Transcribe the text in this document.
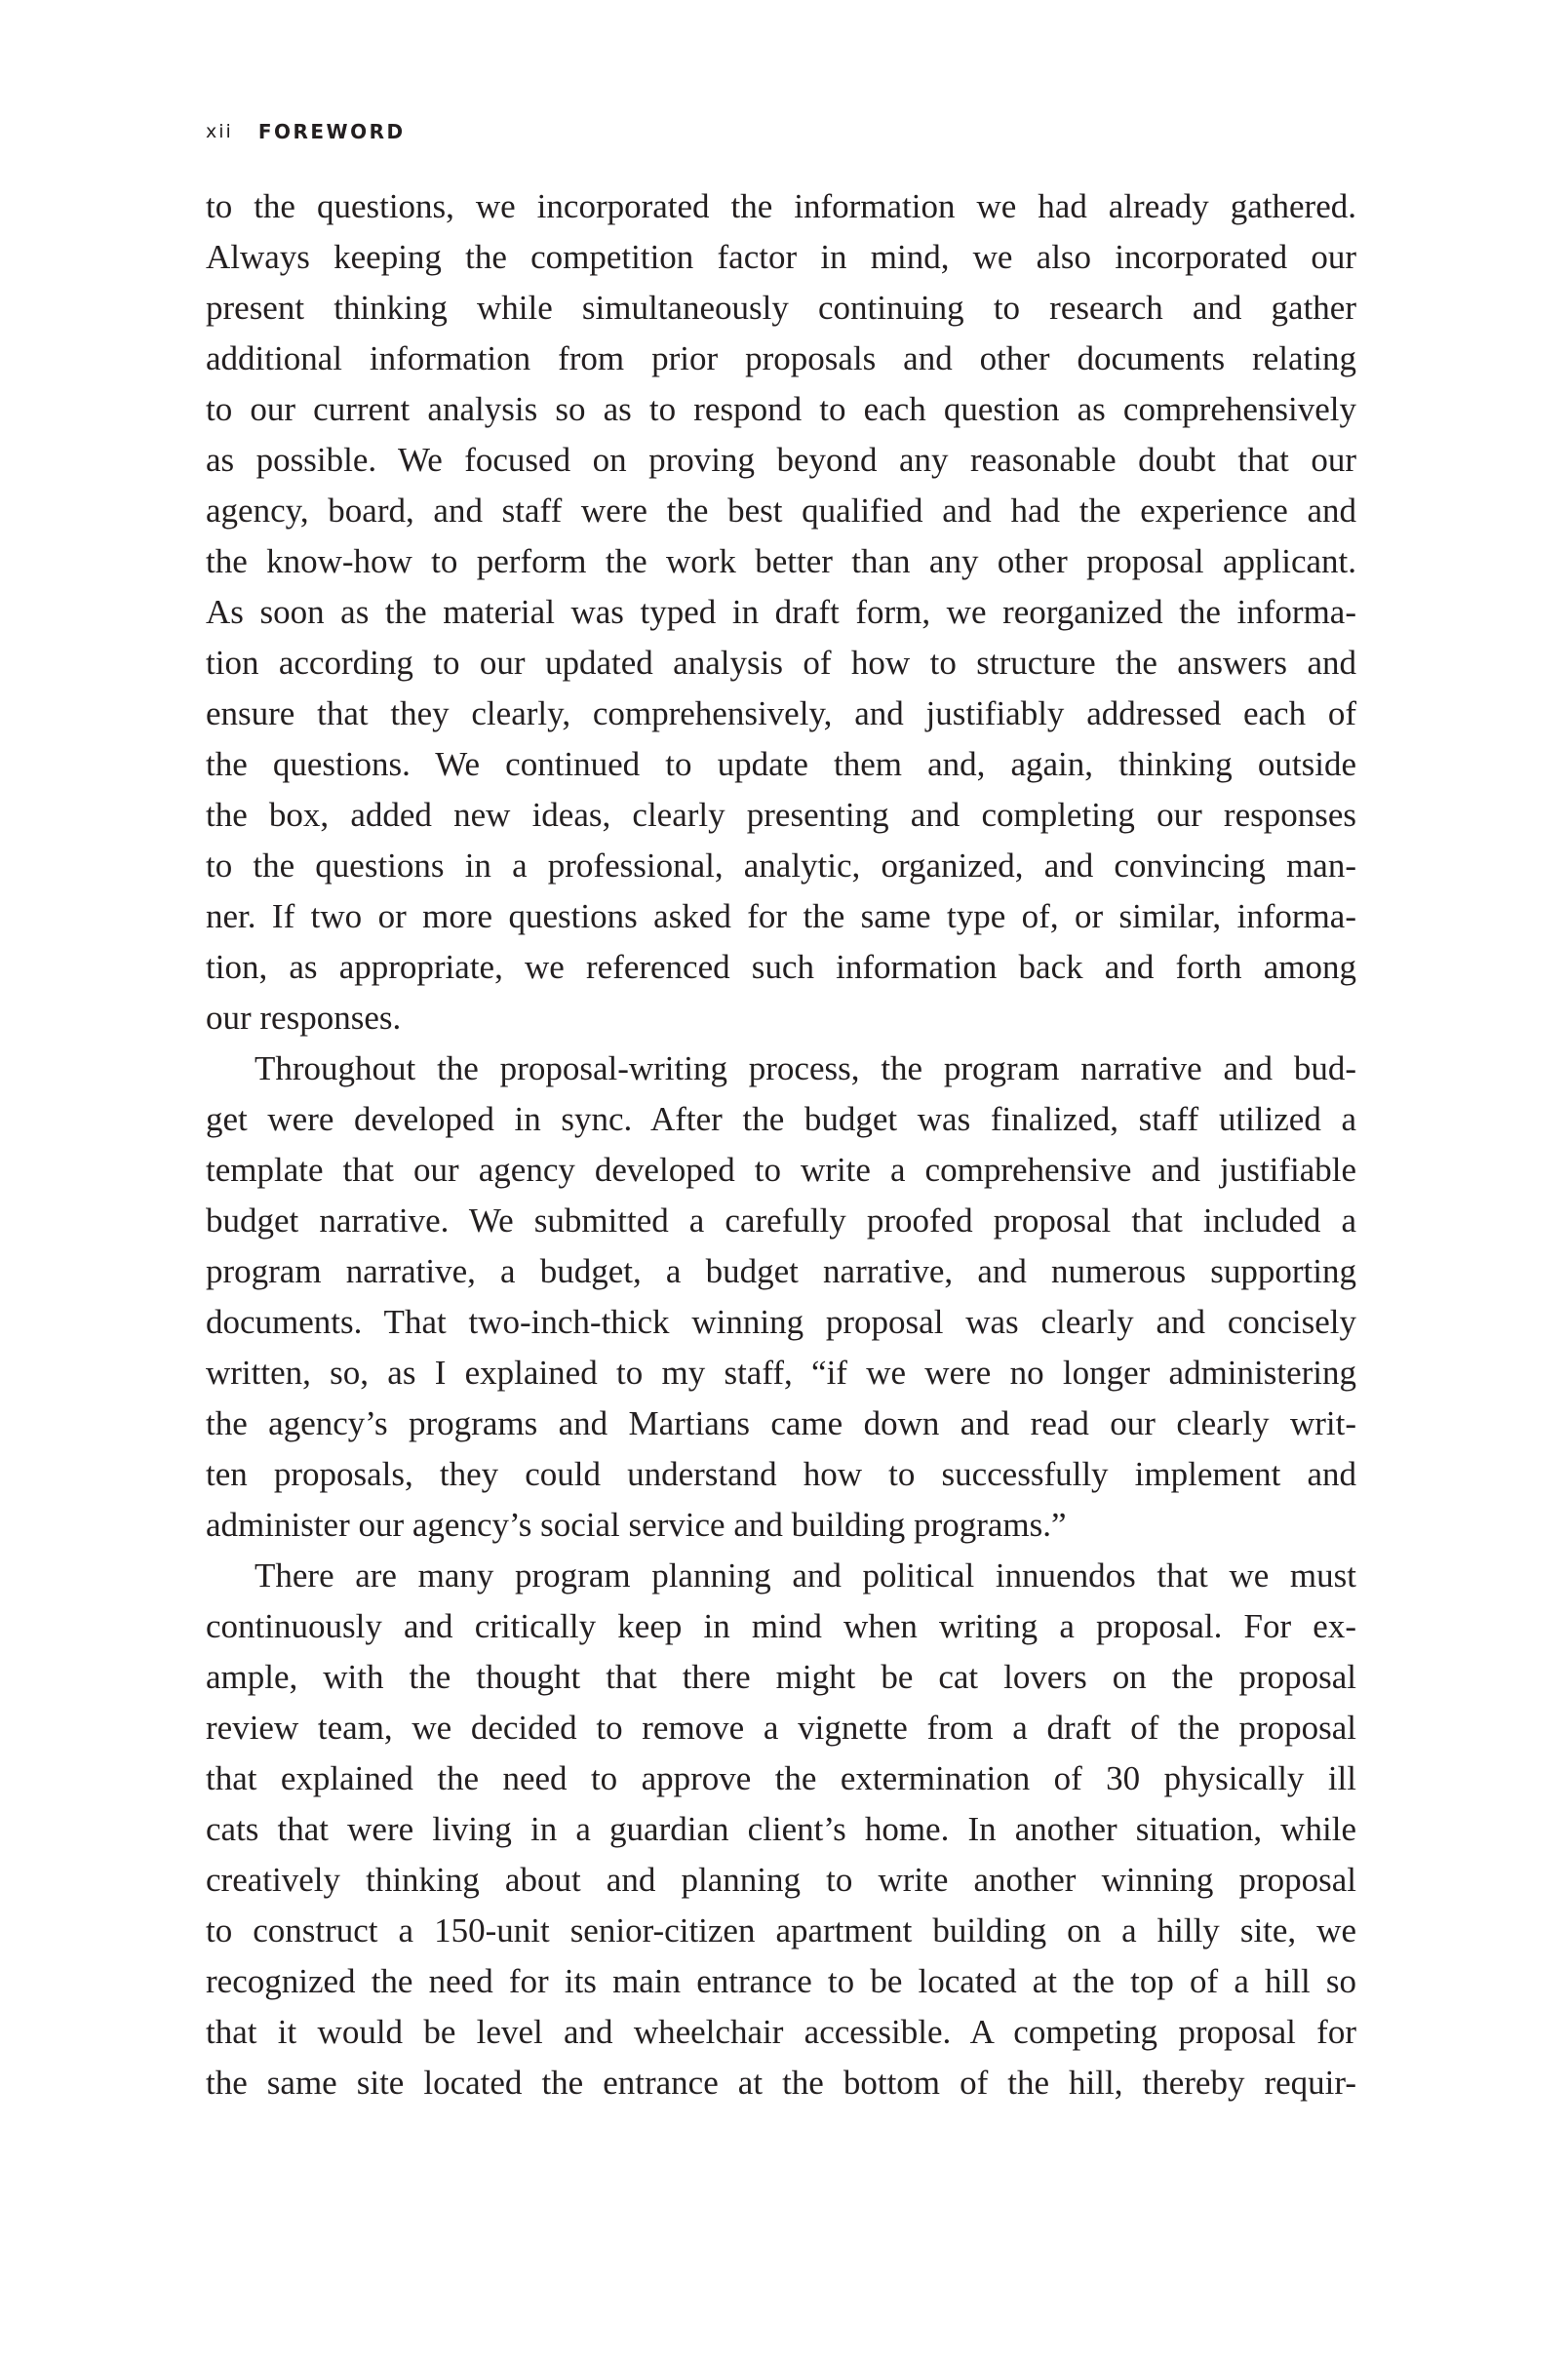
xii FOREWORD
to the questions, we incorporated the information we had already gathered.
Always keeping the competition factor in mind, we also incorporated our
present thinking while simultaneously continuing to research and gather
additional information from prior proposals and other documents relating
to our current analysis so as to respond to each question as comprehensively
as possible. We focused on proving beyond any reasonable doubt that our
agency, board, and staff were the best qualified and had the experience and
the know-how to perform the work better than any other proposal applicant.
As soon as the material was typed in draft form, we reorganized the informa-
tion according to our updated analysis of how to structure the answers and
ensure that they clearly, comprehensively, and justifiably addressed each of
the questions. We continued to update them and, again, thinking outside
the box, added new ideas, clearly presenting and completing our responses
to the questions in a professional, analytic, organized, and convincing man-
ner. If two or more questions asked for the same type of, or similar, informa-
tion, as appropriate, we referenced such information back and forth among
our responses.
Throughout the proposal-writing process, the program narrative and bud-
get were developed in sync. After the budget was finalized, staff utilized a
template that our agency developed to write a comprehensive and justifiable
budget narrative. We submitted a carefully proofed proposal that included a
program narrative, a budget, a budget narrative, and numerous supporting
documents. That two-inch-thick winning proposal was clearly and concisely
written, so, as I explained to my staff, “if we were no longer administering
the agency’s programs and Martians came down and read our clearly writ-
ten proposals, they could understand how to successfully implement and
administer our agency’s social service and building programs.”
There are many program planning and political innuendos that we must
continuously and critically keep in mind when writing a proposal. For ex-
ample, with the thought that there might be cat lovers on the proposal
review team, we decided to remove a vignette from a draft of the proposal
that explained the need to approve the extermination of 30 physically ill
cats that were living in a guardian client’s home. In another situation, while
creatively thinking about and planning to write another winning proposal
to construct a 150-unit senior-citizen apartment building on a hilly site, we
recognized the need for its main entrance to be located at the top of a hill so
that it would be level and wheelchair accessible. A competing proposal for
the same site located the entrance at the bottom of the hill, thereby requir-
